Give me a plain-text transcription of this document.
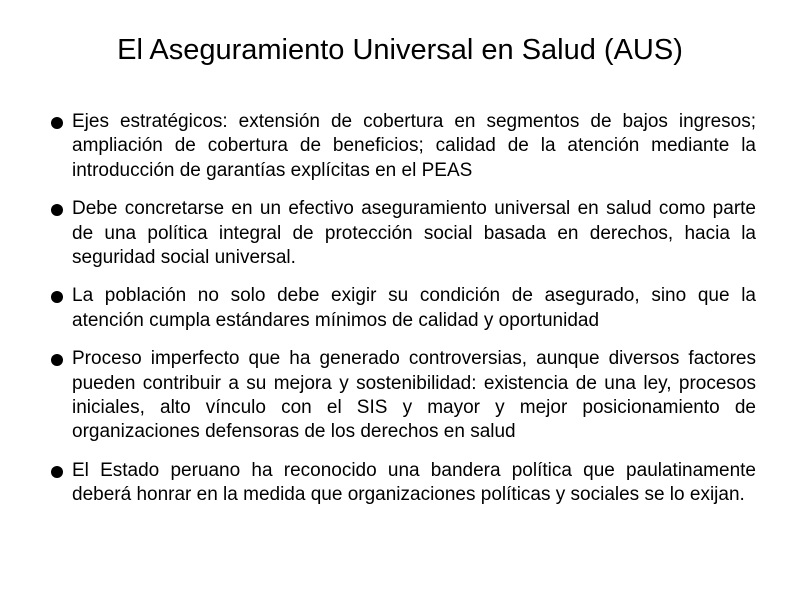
El Aseguramiento Universal en Salud (AUS)
Ejes estratégicos: extensión de cobertura en segmentos de bajos ingresos; ampliación de cobertura de beneficios; calidad de la atención mediante la introducción de garantías explícitas en el PEAS
Debe concretarse en un efectivo aseguramiento universal en salud como parte de una política integral de protección social basada en derechos, hacia la seguridad social universal.
La población no solo debe exigir su condición de asegurado, sino que la atención cumpla estándares mínimos de calidad y oportunidad
Proceso imperfecto que ha generado controversias, aunque diversos factores pueden contribuir a su mejora y sostenibilidad: existencia de una ley, procesos iniciales, alto vínculo con el SIS y mayor y mejor posicionamiento de organizaciones defensoras de los derechos en salud
El Estado peruano ha reconocido una bandera política que paulatinamente deberá honrar en la medida que organizaciones políticas y sociales se lo exijan.
